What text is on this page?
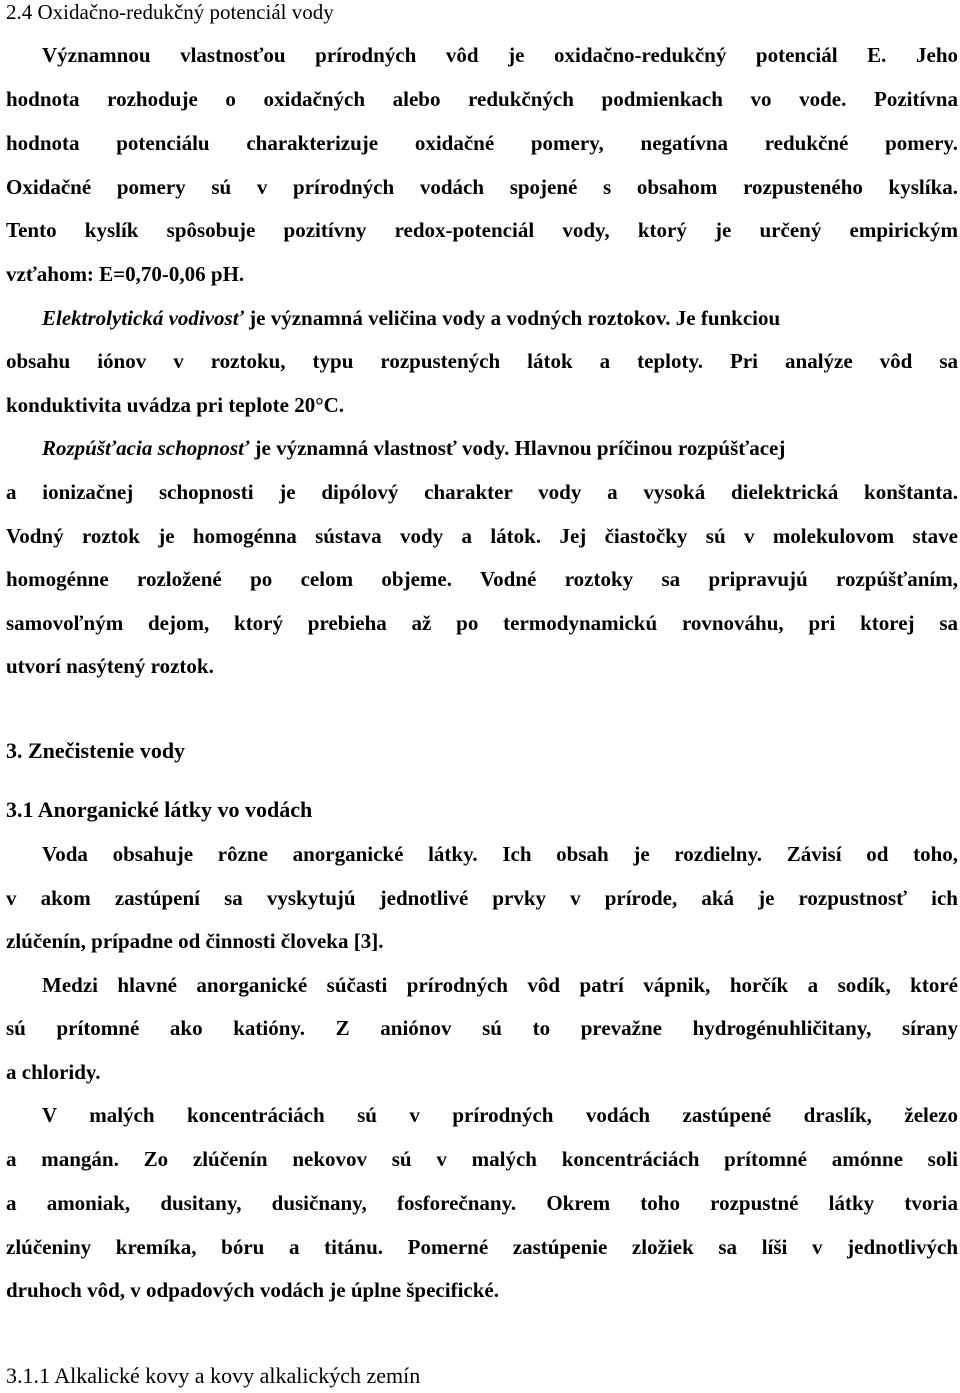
2.4 Oxidačno-redukčný potenciál vody

Významnou vlastnosťou prírodných vôd je oxidačno-redukčný potenciál E. Jeho

hodnota rozhoduje o oxidačných alebo redukčných podmienkach vo vode. Pozitívna

hodnota potenciálu charakterizuje oxidačné pomery, negatívna redukčné pomery.

Oxidačné pomery sú v prírodných vodách spojené s obsahom rozpusteného kyslíka.

Tento kyslík spôsobuje pozitívny redox-potenciál vody, ktorý je určený empirickým

vzťahom: E=0,70-0,06 pH.

Elektrolytická vodivosť je významná veličina vody a vodných roztokov. Je funkciou

obsahu iónov v roztoku, typu rozpustených látok a teploty. Pri analýze vôd sa

konduktivita uvádza pri teplote 20°C.

Rozpúšťacia schopnosť je významná vlastnosť vody. Hlavnou príčinou rozpúšťacej

a ionizačnej schopnosti je dipólový charakter vody a vysoká dielektrická konštanta.

Vodný roztok je homogénna sústava vody a látok. Jej čiastočky sú v molekulovom stave

homogénne rozložené po celom objeme. Vodné roztoky sa pripravujú rozpúšťaním,

samovoľným dejom, ktorý prebieha až po termodynamickú rovnováhu, pri ktorej sa

utvorí nasýtený roztok.

3. Znečistenie vody

3.1 Anorganické látky vo vodách

Voda obsahuje rôzne anorganické látky. Ich obsah je rozdielny. Závisí od toho,

v akom zastúpení sa vyskytujú jednotlivé prvky v prírode, aká je rozpustnosť ich

zlúčenín, prípadne od činnosti človeka [3].

Medzi hlavné anorganické súčasti prírodných vôd patrí vápnik, horčík a sodík, ktoré

sú prítomné ako katióny. Z aniónov sú to prevažne hydrogénuhličitany, sírany

a chloridy.

V malých koncentráciách sú v prírodných vodách zastúpené draslík, železo

a mangán. Zo zlúčenín nekovov sú v malých koncentráciách prítomné amónne soli

a amoniak, dusitany, dusičnany, fosforečnany. Okrem toho rozpustné látky tvoria

zlúčeniny kremíka, bóru a titánu. Pomerné zastúpenie zložiek sa líši v jednotlivých

druhoch vôd, v odpadových vodách je úplne špecifické.

3.1.1 Alkalické kovy a kovy alkalických zemín
